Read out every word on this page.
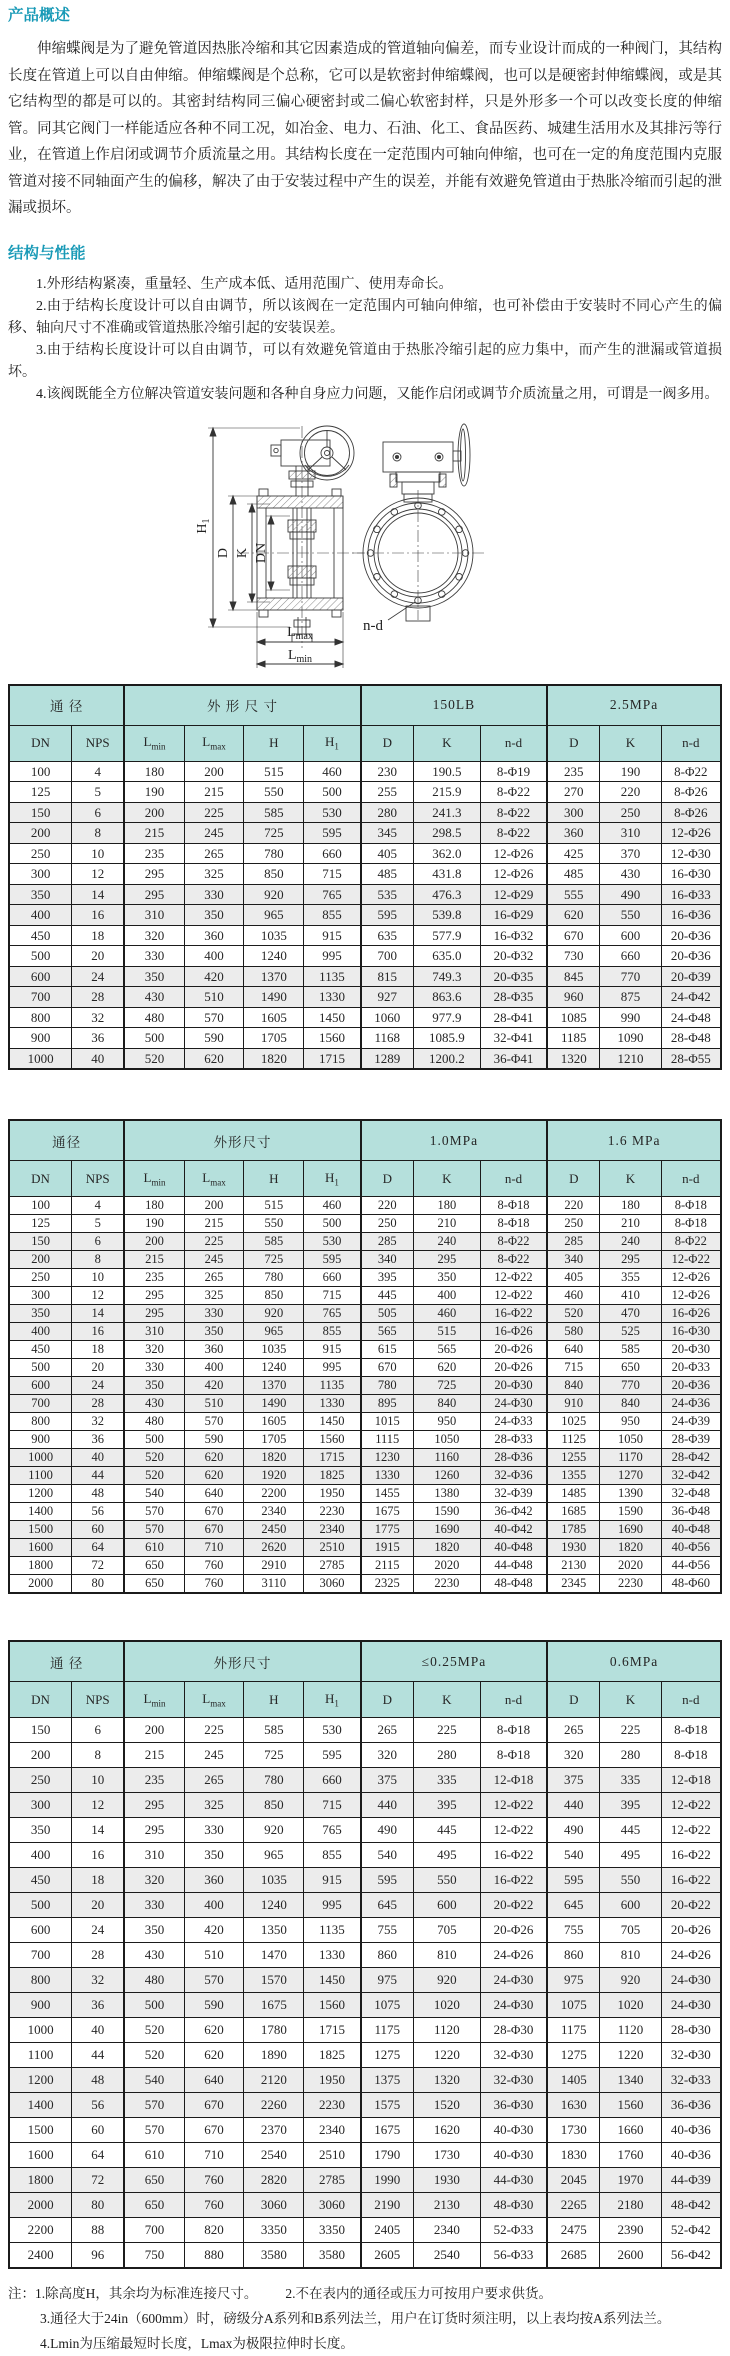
产品概述

伸缩蝶阀是为了避免管道因热胀冷缩和其它因素造成的管道轴向偏差，而专业设计而成的一种阀门，其结构长度在管道上可以自由伸缩。伸缩蝶阀是个总称，它可以是软密封伸缩蝶阀，也可以是硬密封伸缩蝶阀，或是其它结构型的都是可以的。其密封结构同三偏心硬密封或二偏心软密封样，只是外形多一个可以改变长度的伸缩管。同其它阀门一样能适应各种不同工况，如冶金、电力、石油、化工、食品医药、城建生活用水及其排污等行业，在管道上作启闭或调节介质流量之用。其结构长度在一定范围内可轴向伸缩，也可在一定的角度范围内克服管道对接不同轴面产生的偏移，解决了由于安装过程中产生的误差，并能有效避免管道由于热胀冷缩而引起的泄漏或损坏。

结构与性能

1.外形结构紧凑，重量轻、生产成本低、适用范围广、使用寿命长。

2.由于结构长度设计可以自由调节，所以该阀在一定范围内可轴向伸缩，也可补偿由于安装时不同心产生的偏移、轴向尺寸不准确或管道热胀冷缩引起的安装误差。

3.由于结构长度设计可以自由调节，可以有效避免管道由于热胀冷缩引起的应力集中，而产生的泄漏或管道损坏。

4.该阀既能全方位解决管道安装问题和各种自身应力问题，又能作启闭或调节介质流量之用，可谓是一阀多用。

$H_1$
D K DN
$L_{max}$
$L_{min}$
n-d
通 径		外 形 尺 寸				150LB			2.5MPa		
DN	NPS	$L_{min}$	$L_{max}$	H	$H_1$	D	K	n-d	D	K	n-d
100	4	180	200	515	460	230	190.5	8-Φ19	235	190	8-Φ22
125	5	190	215	550	500	255	215.9	8-Φ22	270	220	8-Φ26
150	6	200	225	585	530	280	241.3	8-Φ22	300	250	8-Φ26
200	8	215	245	725	595	345	298.5	8-Φ22	360	310	12-Φ26
250	10	235	265	780	660	405	362.0	12-Φ26	425	370	12-Φ30
300	12	295	325	850	715	485	431.8	12-Φ26	485	430	16-Φ30
350	14	295	330	920	765	535	476.3	12-Φ29	555	490	16-Φ33
400	16	310	350	965	855	595	539.8	16-Φ29	620	550	16-Φ36
450	18	320	360	1035	915	635	577.9	16-Φ32	670	600	20-Φ36
500	20	330	400	1240	995	700	635.0	20-Φ32	730	660	20-Φ36
600	24	350	420	1370	1135	815	749.3	20-Φ35	845	770	20-Φ39
700	28	430	510	1490	1330	927	863.6	28-Φ35	960	875	24-Φ42
800	32	480	570	1605	1450	1060	977.9	28-Φ41	1085	990	24-Φ48
900	36	500	590	1705	1560	1168	1085.9	32-Φ41	1185	1090	28-Φ48
1000	40	520	620	1820	1715	1289	1200.2	36-Φ41	1320	1210	28-Φ55
通径		外形尺寸				1.0MPa			1.6 MPa		
DN	NPS	$L_{min}$	$L_{max}$	H	$H_1$	D	K	n-d	D	K	n-d
100	4	180	200	515	460	220	180	8-Φ18	220	180	8-Φ18
125	5	190	215	550	500	250	210	8-Φ18	250	210	8-Φ18
150	6	200	225	585	530	285	240	8-Φ22	285	240	8-Φ22
200	8	215	245	725	595	340	295	8-Φ22	340	295	12-Φ22
250	10	235	265	780	660	395	350	12-Φ22	405	355	12-Φ26
300	12	295	325	850	715	445	400	12-Φ22	460	410	12-Φ26
350	14	295	330	920	765	505	460	16-Φ22	520	470	16-Φ26
400	16	310	350	965	855	565	515	16-Φ26	580	525	16-Φ30
450	18	320	360	1035	915	615	565	20-Φ26	640	585	20-Φ30
500	20	330	400	1240	995	670	620	20-Φ26	715	650	20-Φ33
600	24	350	420	1370	1135	780	725	20-Φ30	840	770	20-Φ36
700	28	430	510	1490	1330	895	840	24-Φ30	910	840	24-Φ36
800	32	480	570	1605	1450	1015	950	24-Φ33	1025	950	24-Φ39
900	36	500	590	1705	1560	1115	1050	28-Φ33	1125	1050	28-Φ39
1000	40	520	620	1820	1715	1230	1160	28-Φ36	1255	1170	28-Φ42
1100	44	520	620	1920	1825	1330	1260	32-Φ36	1355	1270	32-Φ42
1200	48	540	640	2200	1950	1455	1380	32-Φ39	1485	1390	32-Φ48
1400	56	570	670	2340	2230	1675	1590	36-Φ42	1685	1590	36-Φ48
1500	60	570	670	2450	2340	1775	1690	40-Φ42	1785	1690	40-Φ48
1600	64	610	710	2620	2510	1915	1820	40-Φ48	1930	1820	40-Φ56
1800	72	650	760	2910	2785	2115	2020	44-Φ48	2130	2020	44-Φ56
2000	80	650	760	3110	3060	2325	2230	48-Φ48	2345	2230	48-Φ60
通 径		外形尺寸				≤0.25MPa			0.6MPa		
DN	NPS	$L_{min}$	$L_{max}$	H	$H_1$	D	K	n-d	D	K	n-d
150	6	200	225	585	530	265	225	8-Φ18	265	225	8-Φ18
200	8	215	245	725	595	320	280	8-Φ18	320	280	8-Φ18
250	10	235	265	780	660	375	335	12-Φ18	375	335	12-Φ18
300	12	295	325	850	715	440	395	12-Φ22	440	395	12-Φ22
350	14	295	330	920	765	490	445	12-Φ22	490	445	12-Φ22
400	16	310	350	965	855	540	495	16-Φ22	540	495	16-Φ22
450	18	320	360	1035	915	595	550	16-Φ22	595	550	16-Φ22
500	20	330	400	1240	995	645	600	20-Φ22	645	600	20-Φ22
600	24	350	420	1350	1135	755	705	20-Φ26	755	705	20-Φ26
700	28	430	510	1470	1330	860	810	24-Φ26	860	810	24-Φ26
800	32	480	570	1570	1450	975	920	24-Φ30	975	920	24-Φ30
900	36	500	590	1675	1560	1075	1020	24-Φ30	1075	1020	24-Φ30
1000	40	520	620	1780	1715	1175	1120	28-Φ30	1175	1120	28-Φ30
1100	44	520	620	1890	1825	1275	1220	32-Φ30	1275	1220	32-Φ30
1200	48	540	640	2120	1950	1375	1320	32-Φ30	1405	1340	32-Φ33
1400	56	570	670	2260	2230	1575	1520	36-Φ30	1630	1560	36-Φ36
1500	60	570	670	2370	2340	1675	1620	40-Φ30	1730	1660	40-Φ36
1600	64	610	710	2540	2510	1790	1730	40-Φ30	1830	1760	40-Φ36
1800	72	650	760	2820	2785	1990	1930	44-Φ30	2045	1970	44-Φ39
2000	80	650	760	3060	3060	2190	2130	48-Φ30	2265	2180	48-Φ42
2200	88	700	820	3350	3350	2405	2340	52-Φ33	2475	2390	52-Φ42
2400	96	750	880	3580	3580	2605	2540	56-Φ33	2685	2600	56-Φ42

注：1.除高度H，其余均为标准连接尺寸。 2.不在表内的通径或压力可按用户要求供货。

3.通径大于24in（600mm）时，磅级分A系列和B系列法兰，用户在订货时须注明，以上表均按A系列法兰。

4.Lmin为压缩最短时长度，Lmax为极限拉伸时长度。
